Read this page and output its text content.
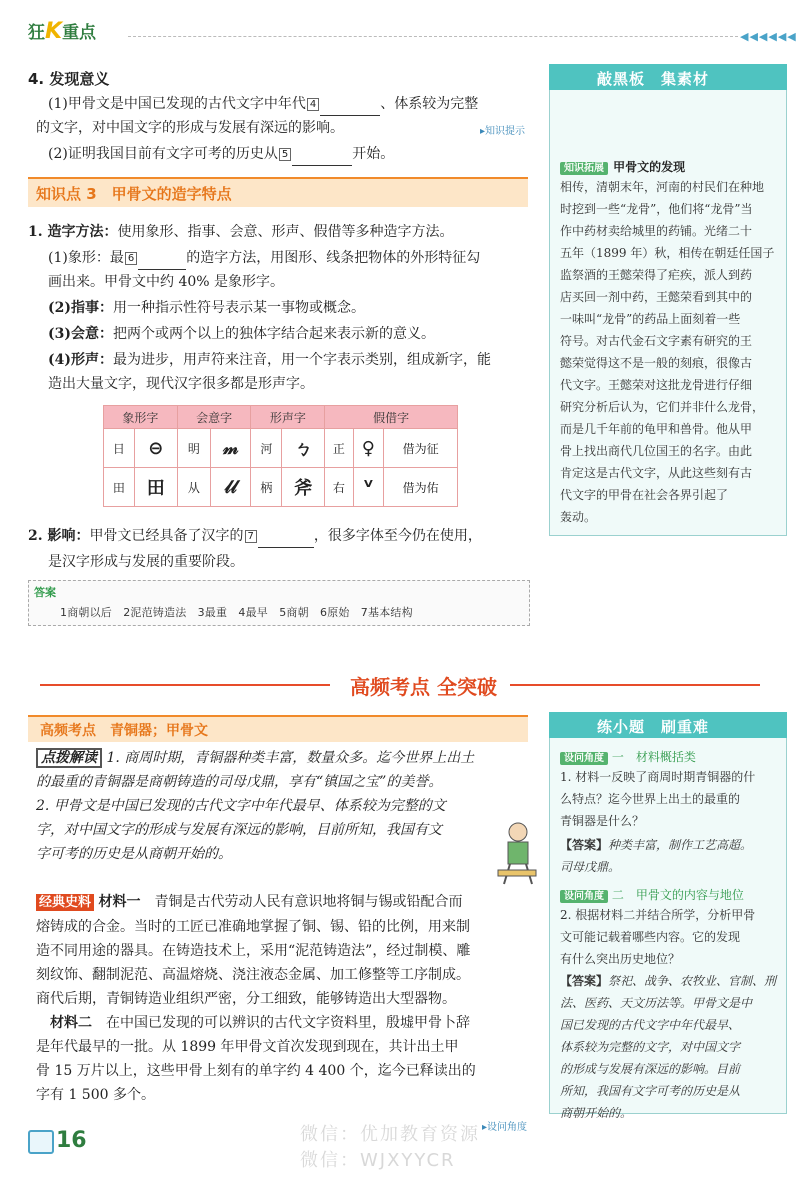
狂K重点	◀◀◀◀◀◀
4. 发现意义
(1)甲骨文是中国已发现的古代文字中年代 4	、体系较为完整
的文字，对中国文字的形成与发展有深远的影响。	▸知识提示
(2)证明我国目前有文字可考的历史从 5	开始。
知识点 3　甲骨文的造字特点
1. 造字方法：使用象形、指事、会意、形声、假借等多种造字方法。
(1)象形：最 6	的造字方法，用图形、线条把物体的外形特征勾
画出来。甲骨文中约 40% 是象形字。
(2)指事：用一种指示性符号表示某一事物或概念。
(3)会意：把两个或两个以上的独体字结合起来表示新的意义。
(4)形声：最为进步，用声符来注音，用一个字表示类别，组成新字，能
造出大量文字，现代汉字很多都是形声字。
象形字		会意字		形声字		假借字		
日	⊖	明	𝓂	河	ㄅ	正	♀	借为征
田	田	从	𝓁𝓁	柄	斧	右	ⱽ	借为佑
2. 影响：甲骨文已经具备了汉字的 7	，很多字体至今仍在使用，
是汉字形成与发展的重要阶段。
答案
1商朝以后　2泥范铸造法　3最重　4最早　5商朝　6原始　7基本结构
敲黑板　集素材
知识拓展 甲骨文的发现
相传，清朝末年，河南的村民们在种地
时挖到一些“龙骨”，他们将“龙骨”当
作中药材卖给城里的药铺。光绪二十
五年（1899 年）秋，相传在朝廷任国子
监祭酒的王懿荣得了疟疾，派人到药
店买回一剂中药，王懿荣看到其中的
一味叫“龙骨”的药品上面刻着一些
符号。对古代金石文字素有研究的王
懿荣觉得这不是一般的刻痕，很像古
代文字。王懿荣对这批龙骨进行仔细
研究分析后认为，它们并非什么龙骨，
而是几千年前的龟甲和兽骨。他从甲
骨上找出商代几位国王的名字。由此
肯定这是古代文字，从此这些刻有古
代文字的甲骨在社会各界引起了
轰动。
高频考点 全突破
高频考点　青铜器；甲骨文
点拨解读 1. 商周时期，青铜器种类丰富，数量众多。迄今世界上出土
的最重的青铜器是商朝铸造的司母戊鼎，享有“镇国之宝”的美誉。
2. 甲骨文是中国已发现的古代文字中年代最早、体系较为完整的文
字，对中国文字的形成与发展有深远的影响，目前所知，我国有文
字可考的历史是从商朝开始的。
经典史料 材料一　 青铜是古代劳动人民有意识地将铜与锡或铅配合而
熔铸成的合金。当时的工匠已准确地掌握了铜、锡、铅的比例，用来制
造不同用途的器具。在铸造技术上，采用“泥范铸造法”，经过制模、雕
刻纹饰、翻制泥范、高温熔烧、浇注液态金属、加工修整等工序制成。
商代后期，青铜铸造业组织严密，分工细致，能够铸造出大型器物。
材料二　 在中国已发现的可以辨识的古代文字资料里，殷墟甲骨卜辞
是年代最早的一批。从 1899 年甲骨文首次发现到现在，共计出土甲
骨 15 万片以上，这些甲骨上刻有的单字约 4 400 个，迄今已释读出的
字有 1 500 多个。
▸设问角度
练小题　刷重难
设问角度 一　材料概括类
1. 材料一反映了商周时期青铜器的什
么特点？迄今世界上出土的最重的
青铜器是什么？
【答案】种类丰富，制作工艺高超。
司母戊鼎。
设问角度 二　甲骨文的内容与地位
2. 根据材料二并结合所学，分析甲骨
文可能记载着哪些内容。它的发现
有什么突出历史地位？
【答案】祭祀、战争、农牧业、官制、刑
法、医药、天文历法等。甲骨文是中
国已发现的古代文字中年代最早、
体系较为完整的文字，对中国文字
的形成与发展有深远的影响。目前
所知，我国有文字可考的历史是从
商朝开始的。
16	微信：优加教育资源
微信：WJXYYCR
